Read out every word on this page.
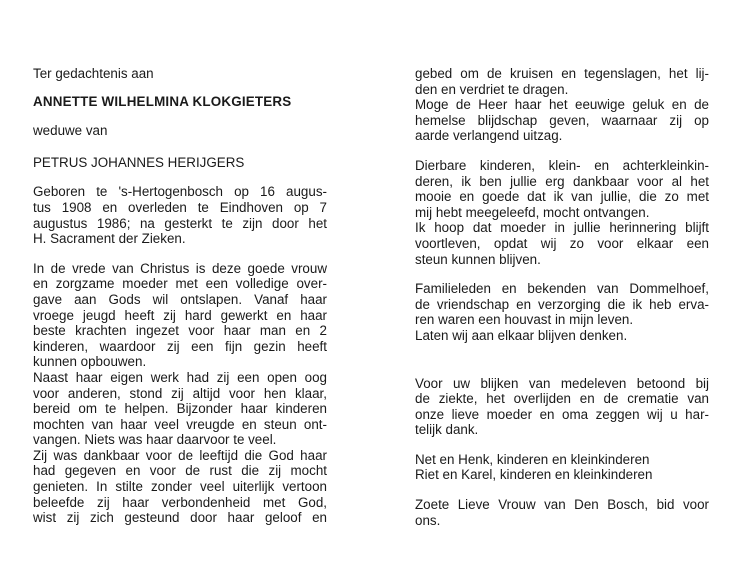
Ter gedachtenis aan
ANNETTE WILHELMINA KLOKGIETERS
weduwe van
PETRUS JOHANNES HERIJGERS
Geboren te 's-Hertogenbosch op 16 augus-
tus 1908 en overleden te Eindhoven op 7
augustus 1986; na gesterkt te zijn door het
H. Sacrament der Zieken.
In de vrede van Christus is deze goede vrouw
en zorgzame moeder met een volledige over-
gave aan Gods wil ontslapen. Vanaf haar
vroege jeugd heeft zij hard gewerkt en haar
beste krachten ingezet voor haar man en 2
kinderen, waardoor zij een fijn gezin heeft
kunnen opbouwen.
Naast haar eigen werk had zij een open oog
voor anderen, stond zij altijd voor hen klaar,
bereid om te helpen. Bijzonder haar kinderen
mochten van haar veel vreugde en steun ont-
vangen. Niets was haar daarvoor te veel.
Zij was dankbaar voor de leeftijd die God haar
had gegeven en voor de rust die zij mocht
genieten. In stilte zonder veel uiterlijk vertoon
beleefde zij haar verbondenheid met God,
wist zij zich gesteund door haar geloof en
gebed om de kruisen en tegenslagen, het lij-
den en verdriet te dragen.
Moge de Heer haar het eeuwige geluk en de
hemelse blijdschap geven, waarnaar zij op
aarde verlangend uitzag.
Dierbare kinderen, klein- en achterkleinkin-
deren, ik ben jullie erg dankbaar voor al het
mooie en goede dat ik van jullie, die zo met
mij hebt meegeleefd, mocht ontvangen.
Ik hoop dat moeder in jullie herinnering blijft
voortleven, opdat wij zo voor elkaar een
steun kunnen blijven.
Familieleden en bekenden van Dommelhoef,
de vriendschap en verzorging die ik heb erva-
ren waren een houvast in mijn leven.
Laten wij aan elkaar blijven denken.
Voor uw blijken van medeleven betoond bij
de ziekte, het overlijden en de crematie van
onze lieve moeder en oma zeggen wij u har-
telijk dank.
Net en Henk, kinderen en kleinkinderen
Riet en Karel, kinderen en kleinkinderen
Zoete Lieve Vrouw van Den Bosch, bid voor
ons.
